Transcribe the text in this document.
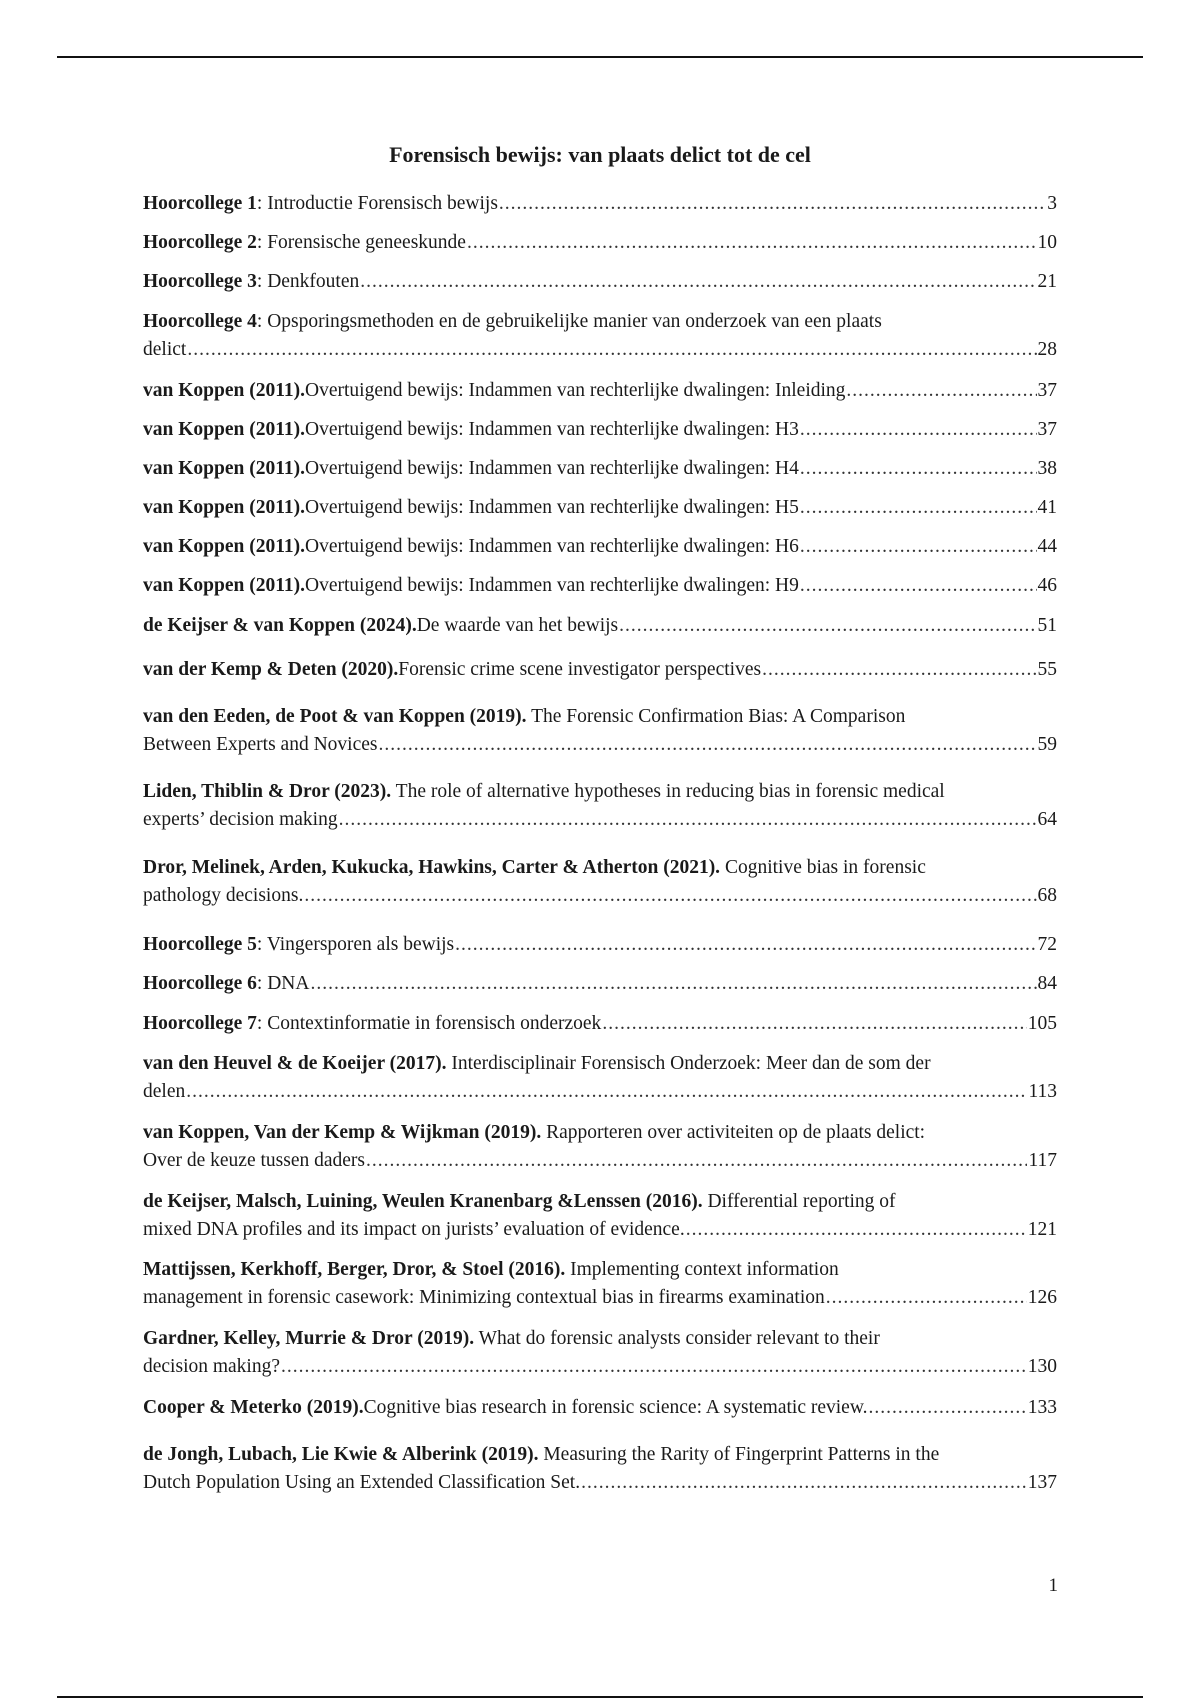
Forensisch bewijs: van plaats delict tot de cel
Hoorcollege 1 : Introductie Forensisch bewijs .....	3
Hoorcollege 2 : Forensische geneeskunde .....	10
Hoorcollege 3 : Denkfouten .....	21
Hoorcollege 4: Opsporingsmethoden en de gebruikelijke manier van onderzoek van een plaats
delict .....	28
van Koppen (2011). Overtuigend bewijs: Indammen van rechterlijke dwalingen: Inleiding .....	37
van Koppen (2011). Overtuigend bewijs: Indammen van rechterlijke dwalingen: H3 .....	37
van Koppen (2011). Overtuigend bewijs: Indammen van rechterlijke dwalingen: H4 .....	38
van Koppen (2011). Overtuigend bewijs: Indammen van rechterlijke dwalingen: H5 .....	41
van Koppen (2011). Overtuigend bewijs: Indammen van rechterlijke dwalingen: H6 .....	44
van Koppen (2011). Overtuigend bewijs: Indammen van rechterlijke dwalingen: H9 .....	46
de Keijser & van Koppen (2024). De waarde van het bewijs .....	51
van der Kemp & Deten (2020). Forensic crime scene investigator perspectives .....	55
van den Eeden, de Poot & van Koppen (2019). The Forensic Confirmation Bias: A Comparison
Between Experts and Novices .....	59
Liden, Thiblin & Dror (2023). The role of alternative hypotheses in reducing bias in forensic medical
experts’ decision making .....	64
Dror, Melinek, Arden, Kukucka, Hawkins, Carter & Atherton (2021). Cognitive bias in forensic
pathology decisions. .....	68
Hoorcollege 5 : Vingersporen als bewijs .....	72
Hoorcollege 6 : DNA .....	84
Hoorcollege 7 : Contextinformatie in forensisch onderzoek .....	105
van den Heuvel & de Koeijer (2017). Interdisciplinair Forensisch Onderzoek: Meer dan de som der
delen .....	113
van Koppen, Van der Kemp & Wijkman (2019). Rapporteren over activiteiten op de plaats delict:
Over de keuze tussen daders .....	117
de Keijser, Malsch, Luining, Weulen Kranenbarg &Lenssen (2016). Differential reporting of
mixed DNA profiles and its impact on jurists’ evaluation of evidence. .....	121
Mattijssen, Kerkhoff, Berger, Dror, & Stoel (2016). Implementing context information
management in forensic casework: Minimizing contextual bias in firearms examination .....	126
Gardner, Kelley, Murrie & Dror (2019). What do forensic analysts consider relevant to their
decision making? .....	130
Cooper & Meterko (2019). Cognitive bias research in forensic science: A systematic review. .....	133
de Jongh, Lubach, Lie Kwie & Alberink (2019). Measuring the Rarity of Fingerprint Patterns in the
Dutch Population Using an Extended Classification Set. .....	137
1
